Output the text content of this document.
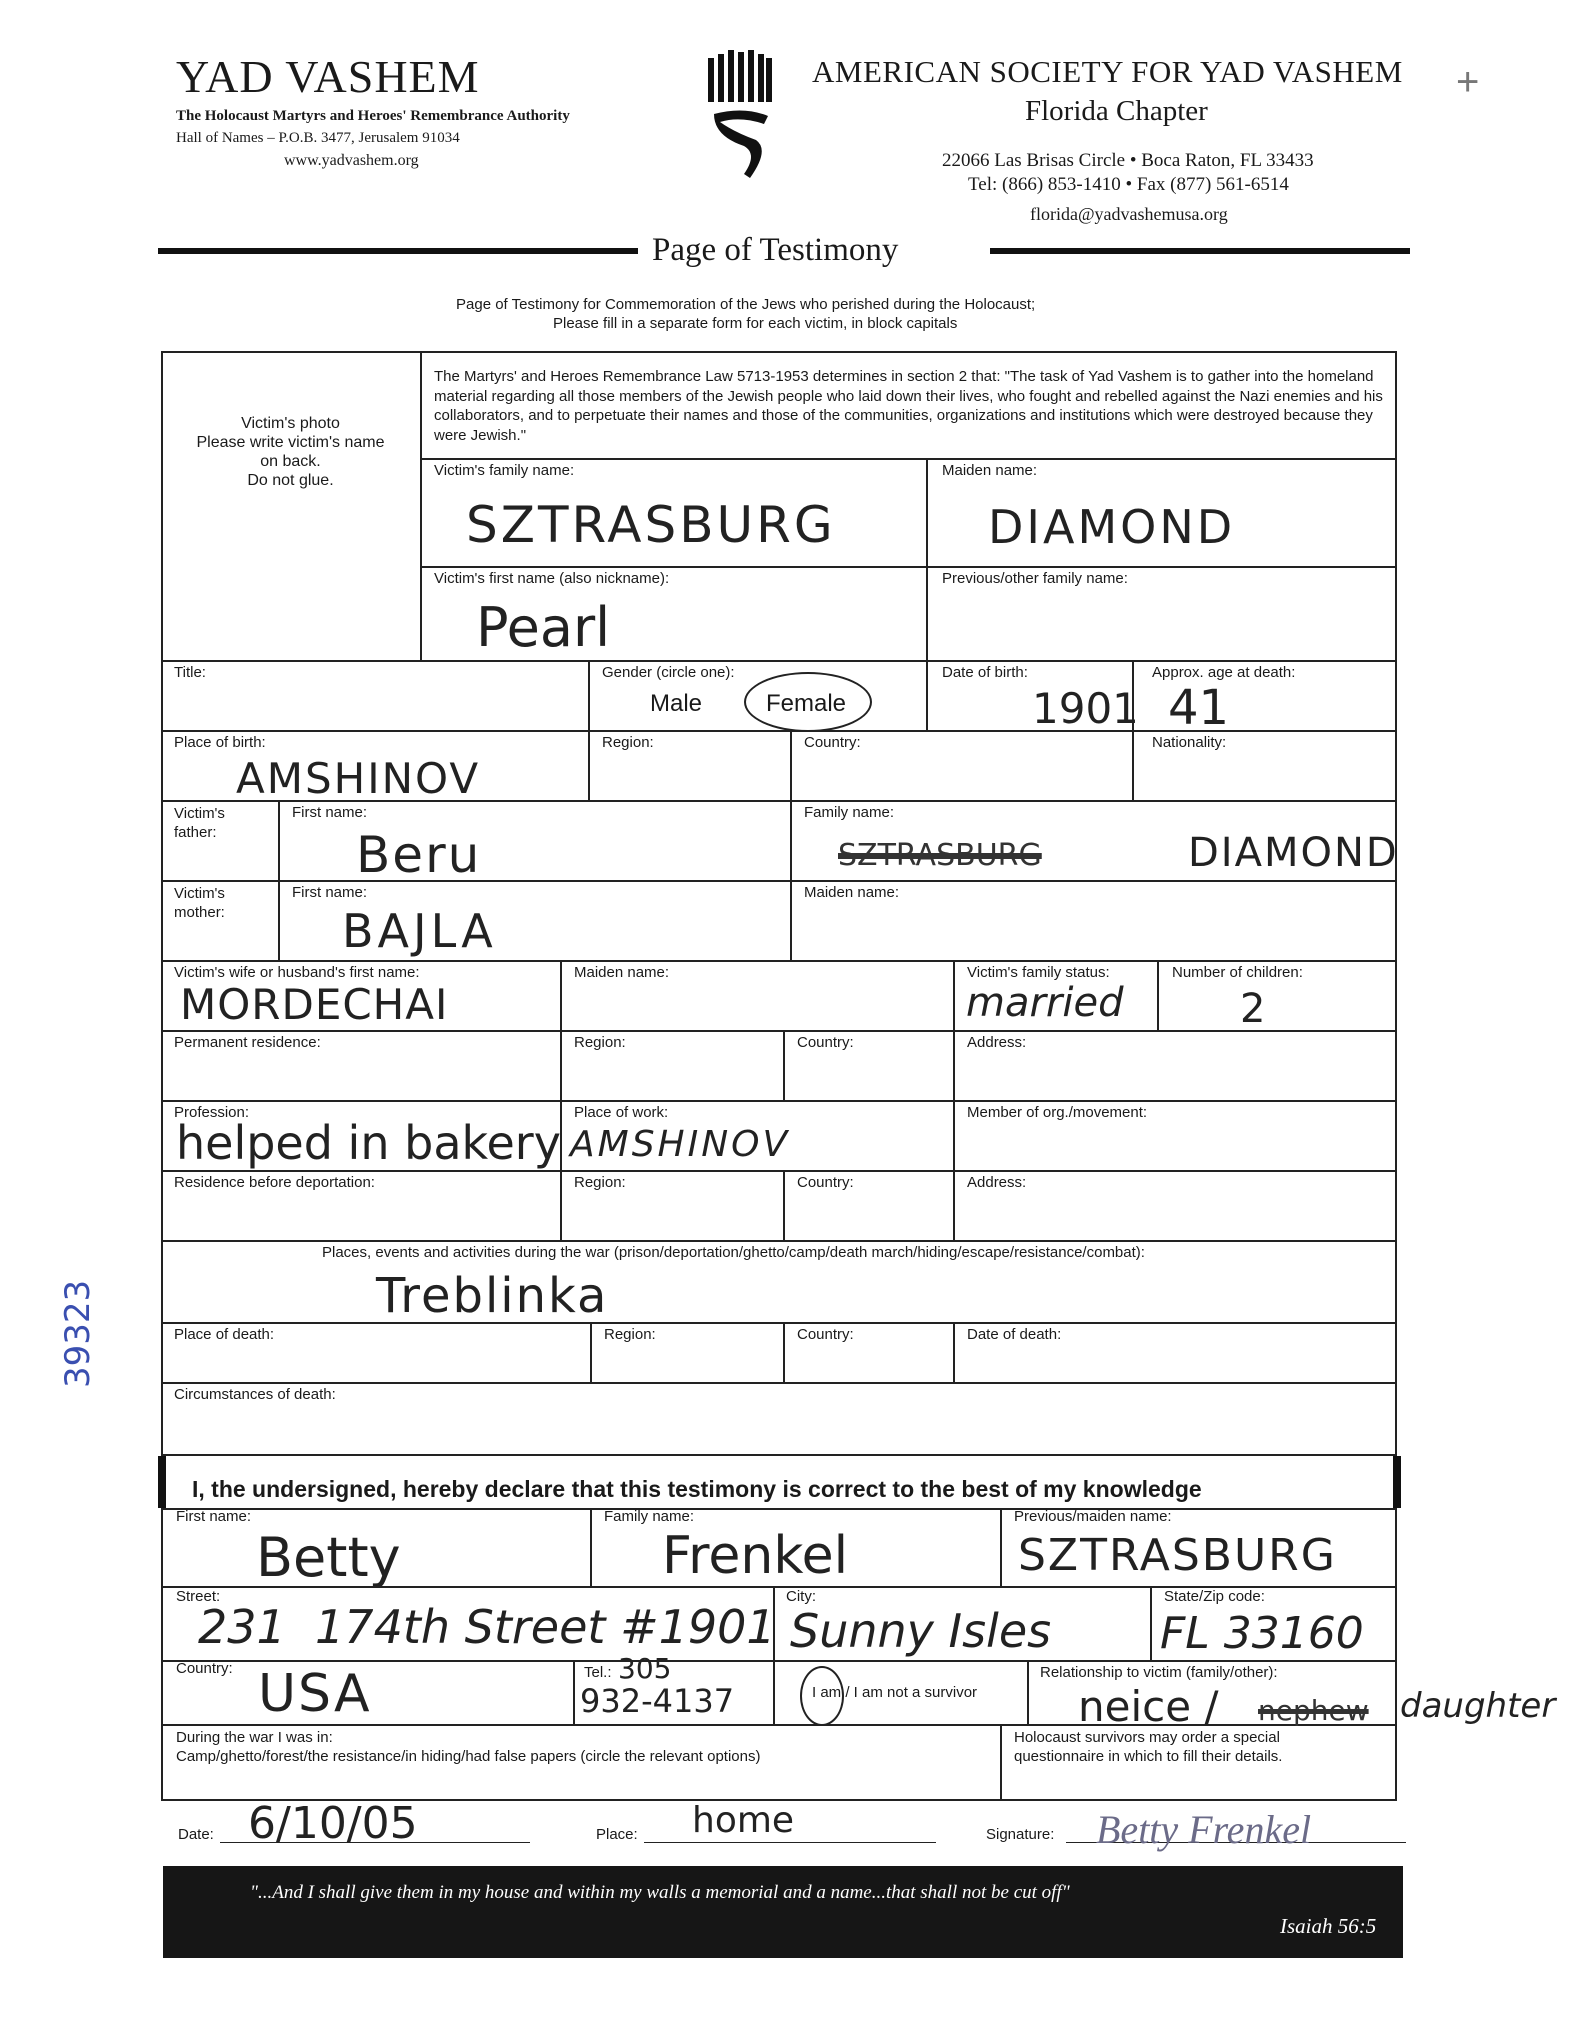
YAD VASHEM
The Holocaust Martyrs and Heroes' Remembrance Authority
Hall of Names – P.O.B. 3477, Jerusalem 91034
www.yadvashem.org
AMERICAN SOCIETY FOR YAD VASHEM
Florida Chapter
22066 Las Brisas Circle • Boca Raton, FL 33433
Tel: (866) 853-1410 • Fax (877) 561-6514
florida@yadvashemusa.org
+
Page of Testimony
Page of Testimony for Commemoration of the Jews who perished during the Holocaust;
Please fill in a separate form for each victim, in block capitals
Victim's photo
Please write victim's name
on back.
Do not glue.
The Martyrs' and Heroes Remembrance Law 5713-1953 determines in section 2 that: "The task of Yad Vashem is to gather into the homeland material regarding all those members of the Jewish people who laid down their lives, who fought and rebelled against the Nazi enemies and his collaborators, and to perpetuate their names and those of the communities, organizations and institutions which were destroyed because they were Jewish."
Victim's family name:	Maiden name:
SZTRASBURG	DIAMOND
Victim's first name (also nickname):	Previous/other family name:
Pearl
Title:	Gender (circle one):
Male	Female
Date of birth:
1901
Approx. age at death:
41
Place of birth:
AMSHINOV
Region:	Country:	Nationality:
Victim's
father:
First name:
Beru
Family name:
SZTRASBURG	DIAMOND
Victim's
mother:
First name:
BAJLA
Maiden name:
Victim's wife or husband's first name:
MORDECHAI
Maiden name:	Victim's family status:
married
Number of children:
2
Permanent residence:	Region:	Country:	Address:
Profession:
helped in bakery
Place of work:
AMSHINOV
Member of org./movement:
Residence before deportation:	Region:	Country:	Address:
Places, events and activities during the war (prison/deportation/ghetto/camp/death march/hiding/escape/resistance/combat):
Treblinka
Place of death:	Region:	Country:	Date of death:
Circumstances of death:
I, the undersigned, hereby declare that this testimony is correct to the best of my knowledge
First name:
Betty
Family name:
Frenkel
Previous/maiden name:
SZTRASBURG
Street:
231  174th Street #1901
City:
Sunny Isles
State/Zip code:
FL 33160
Country: USA	Tel.: 305
932-4137	I am / I am not a survivor
Relationship to victim (family/other):
neice / nephew daughter
During the war I was in:
Camp/ghetto/forest/the resistance/in hiding/had false papers (circle the relevant options)
Holocaust survivors may order a special
questionnaire in which to fill their details.
Date: 6/10/05	Place: home	Signature: Betty Frenkel
"...And I shall give them in my house and within my walls a memorial and a name...that shall not be cut off"
Isaiah 56:5
39323
